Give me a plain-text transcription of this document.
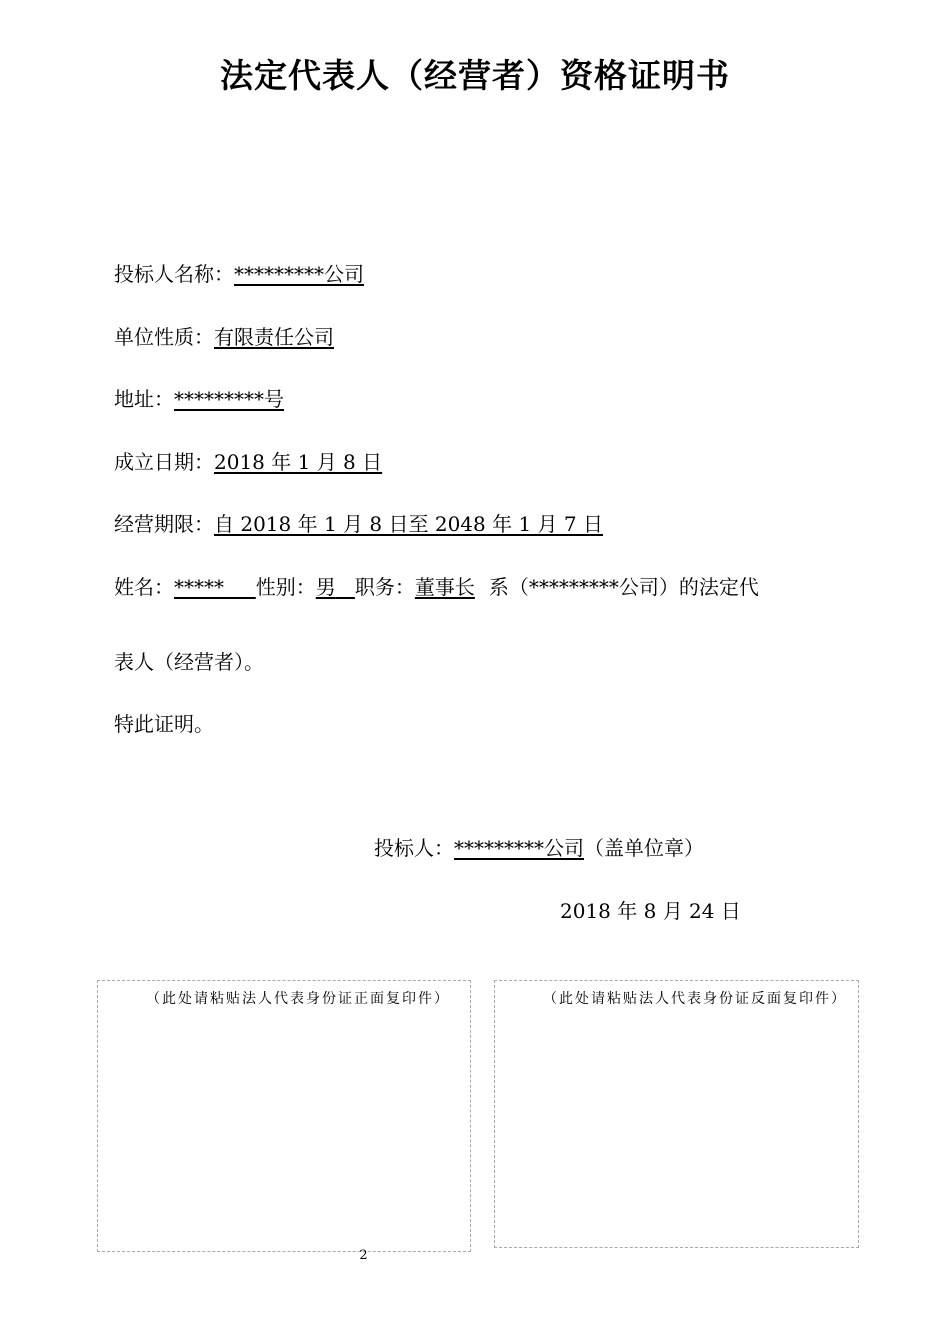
法定代表人（经营者）资格证明书
投标人名称：*********公司
单位性质：有限责任公司
地址：*********号
成立日期：2018 年 1 月 8 日
经营期限：自 2018 年 1 月 8 日至 2048 年 1 月 7 日
姓名：***** 性别：男 职务：董事长 系（*********公司）的法定代
表人（经营者）。
特此证明。
投标人：*********公司（盖单位章）
2018 年 8 月 24 日
（此处请粘贴法人代表身份证正面复印件）	（此处请粘贴法人代表身份证反面复印件）
2
